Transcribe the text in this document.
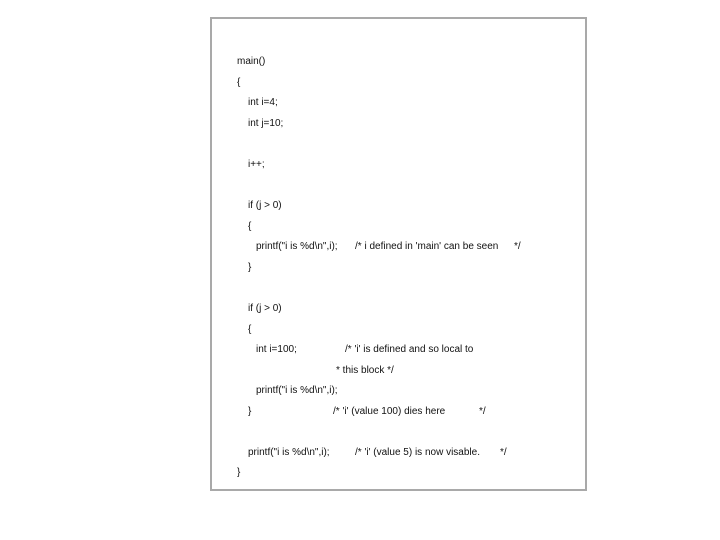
main()
{
int i=4;
int j=10;
i++;
if (j > 0)
{
printf("i is %d\n",i); /* i defined in 'main' can be seen */
}
if (j > 0)
{
int i=100;	/* 'i' is defined and so local to
* this block */
printf("i is %d\n",i);
}	/* 'i' (value 100) dies here	*/
printf("i is %d\n",i);	/* 'i' (value 5) is now visable. */
}
